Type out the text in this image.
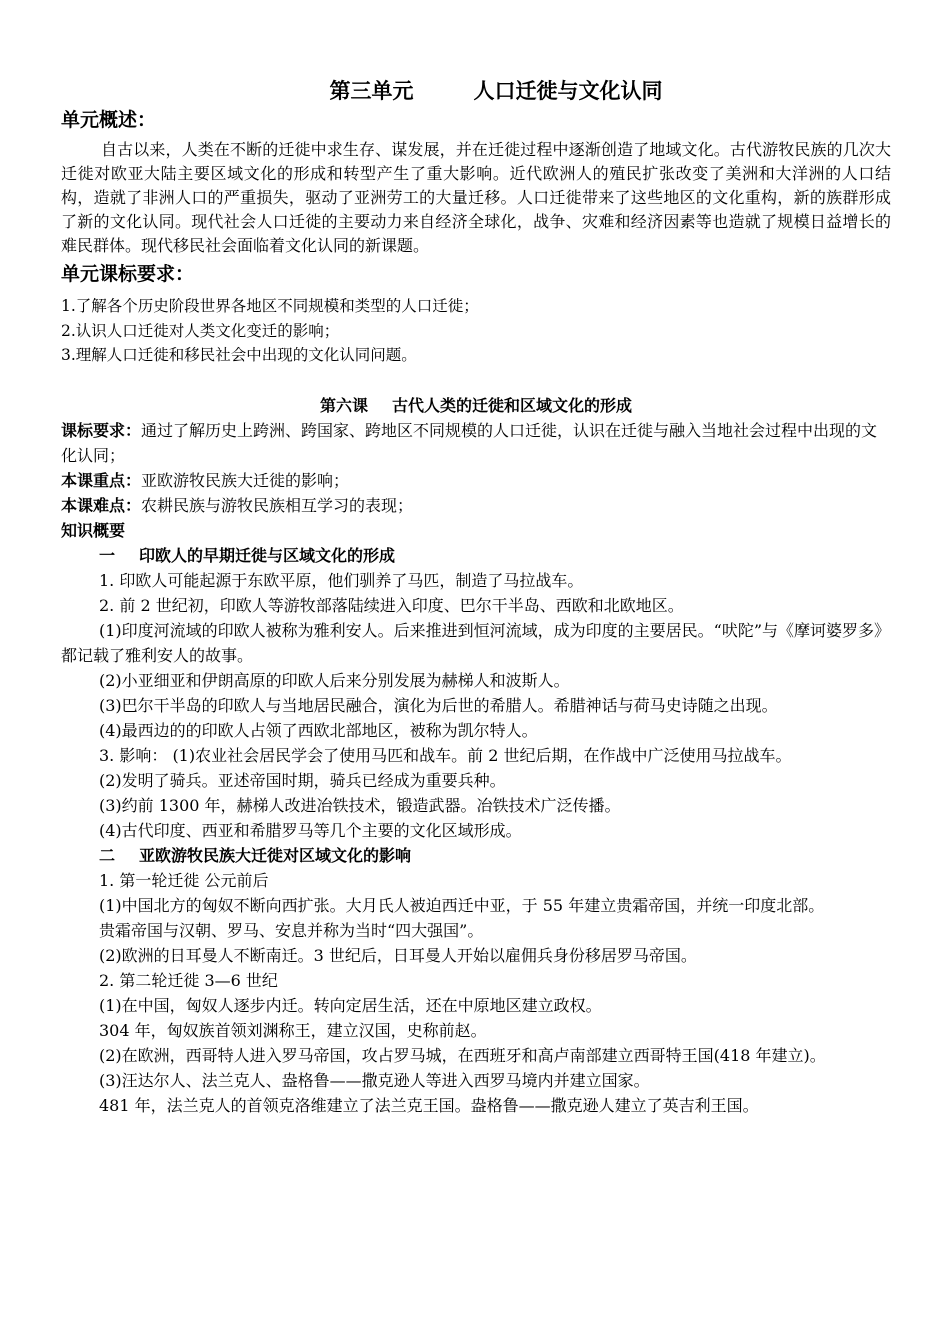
第三单元	人口迁徙与文化认同
单元概述：
自古以来，人类在不断的迁徙中求生存、谋发展，并在迁徙过程中逐渐创造了地域文化。古代游牧民族的几次大迁徙对欧亚大陆主要区域文化的形成和转型产生了重大影响。近代欧洲人的殖民扩张改变了美洲和大洋洲的人口结构，造就了非洲人口的严重损失，驱动了亚洲劳工的大量迁移。人口迁徙带来了这些地区的文化重构，新的族群形成了新的文化认同。现代社会人口迁徙的主要动力来自经济全球化，战争、灾难和经济因素等也造就了规模日益增长的难民群体。现代移民社会面临着文化认同的新课题。
单元课标要求：
1.了解各个历史阶段世界各地区不同规模和类型的人口迁徙；
2.认识人口迁徙对人类文化变迁的影响；
3.理解人口迁徙和移民社会中出现的文化认同问题。
第六课 古代人类的迁徙和区域文化的形成
课标要求：通过了解历史上跨洲、跨国家、跨地区不同规模的人口迁徙，认识在迁徙与融入当地社会过程中出现的文化认同；
本课重点：亚欧游牧民族大迁徙的影响；
本课难点：农耕民族与游牧民族相互学习的表现；
知识概要
一 印欧人的早期迁徙与区域文化的形成
1. 印欧人可能起源于东欧平原，他们驯养了马匹，制造了马拉战车。
2. 前 2 世纪初，印欧人等游牧部落陆续进入印度、巴尔干半岛、西欧和北欧地区。
(1)印度河流域的印欧人被称为雅利安人。后来推进到恒河流域，成为印度的主要居民。“吠陀”与《摩诃婆罗多》都记载了雅利安人的故事。
(2)小亚细亚和伊朗高原的印欧人后来分别发展为赫梯人和波斯人。
(3)巴尔干半岛的印欧人与当地居民融合，演化为后世的希腊人。希腊神话与荷马史诗随之出现。
(4)最西边的的印欧人占领了西欧北部地区，被称为凯尔特人。
3. 影响： (1)农业社会居民学会了使用马匹和战车。前 2 世纪后期，在作战中广泛使用马拉战车。
(2)发明了骑兵。亚述帝国时期，骑兵已经成为重要兵种。
(3)约前 1300 年，赫梯人改进冶铁技术，锻造武器。冶铁技术广泛传播。
(4)古代印度、西亚和希腊罗马等几个主要的文化区域形成。
二 亚欧游牧民族大迁徙对区域文化的影响
1. 第一轮迁徙 公元前后
(1)中国北方的匈奴不断向西扩张。大月氏人被迫西迁中亚，于 55 年建立贵霜帝国，并统一印度北部。
贵霜帝国与汉朝、罗马、安息并称为当时“四大强国”。
(2)欧洲的日耳曼人不断南迁。3 世纪后，日耳曼人开始以雇佣兵身份移居罗马帝国。
2. 第二轮迁徙 3—6 世纪
(1)在中国，匈奴人逐步内迁。转向定居生活，还在中原地区建立政权。
304 年，匈奴族首领刘渊称王，建立汉国，史称前赵。
(2)在欧洲，西哥特人进入罗马帝国，攻占罗马城，在西班牙和高卢南部建立西哥特王国(418 年建立)。
(3)汪达尔人、法兰克人、盎格鲁——撒克逊人等进入西罗马境内并建立国家。
481 年，法兰克人的首领克洛维建立了法兰克王国。盎格鲁——撒克逊人建立了英吉利王国。
